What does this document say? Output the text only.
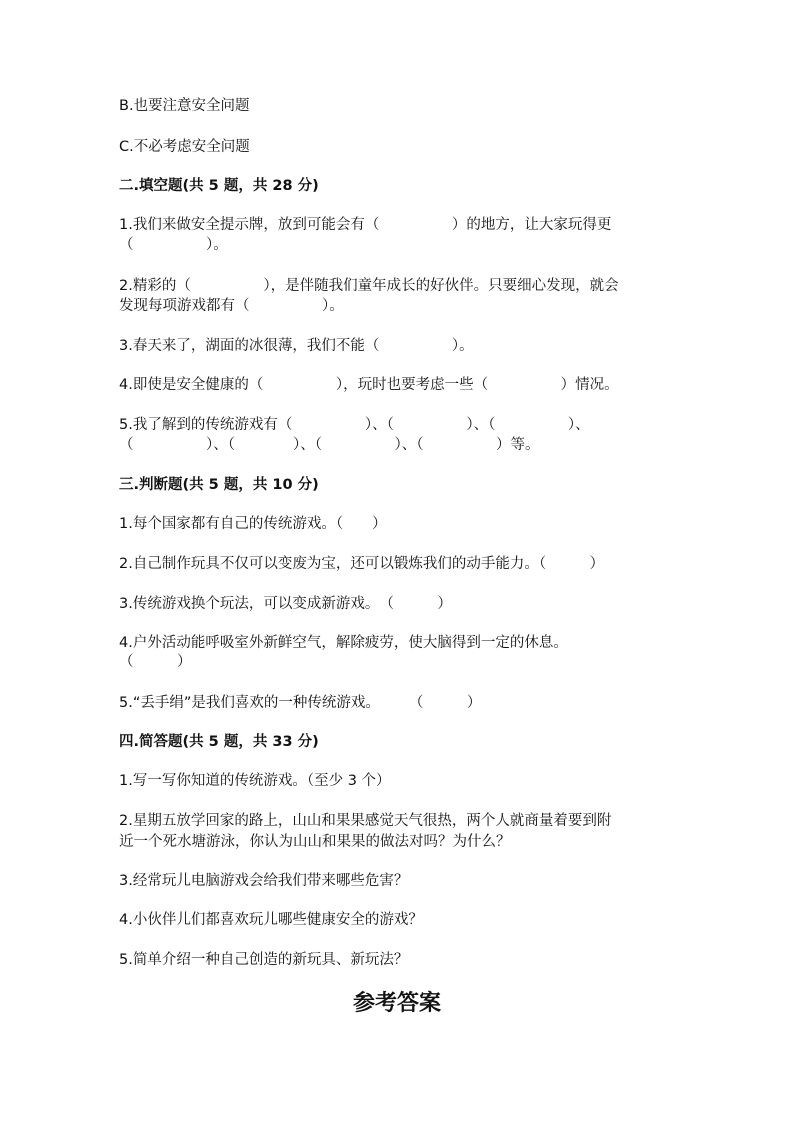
B.也要注意安全问题

C.不必考虑安全问题

二.填空题(共 5 题，共 28 分)

1.我们来做安全提示牌，放到可能会有（　　　　　）的地方，让大家玩得更

（　　　　　）。

2.精彩的（　　　　　），是伴随我们童年成长的好伙伴。只要细心发现，就会

发现每项游戏都有（　　　　　）。

3.春天来了，湖面的冰很薄，我们不能（　　　　　）。

4.即使是安全健康的（　　　　　），玩时也要考虑一些（　　　　　）情况。

5.我了解到的传统游戏有（　　　　　）、（　　　　　）、（　　　　　）、

（　　　　　）、（　　　　）、（　　　　　）、（　　　　　）等。

三.判断题(共 5 题，共 10 分)

1.每个国家都有自己的传统游戏。（　　）

2.自己制作玩具不仅可以变废为宝，还可以锻炼我们的动手能力。（　　　）

3.传统游戏换个玩法，可以变成新游戏。　（　　　）

4.户外活动能呼吸室外新鲜空气，解除疲劳，使大脑得到一定的休息。

（　　　）

5.“丢手绢”是我们喜欢的一种传统游戏。　　　（　　　）

四.简答题(共 5 题，共 33 分)

1.写一写你知道的传统游戏。（至少 3 个）

2.星期五放学回家的路上，山山和果果感觉天气很热，两个人就商量着要到附

近一个死水塘游泳，你认为山山和果果的做法对吗？为什么？

3.经常玩儿电脑游戏会给我们带来哪些危害？

4.小伙伴儿们都喜欢玩儿哪些健康安全的游戏？

5.简单介绍一种自己创造的新玩具、新玩法？

参考答案
